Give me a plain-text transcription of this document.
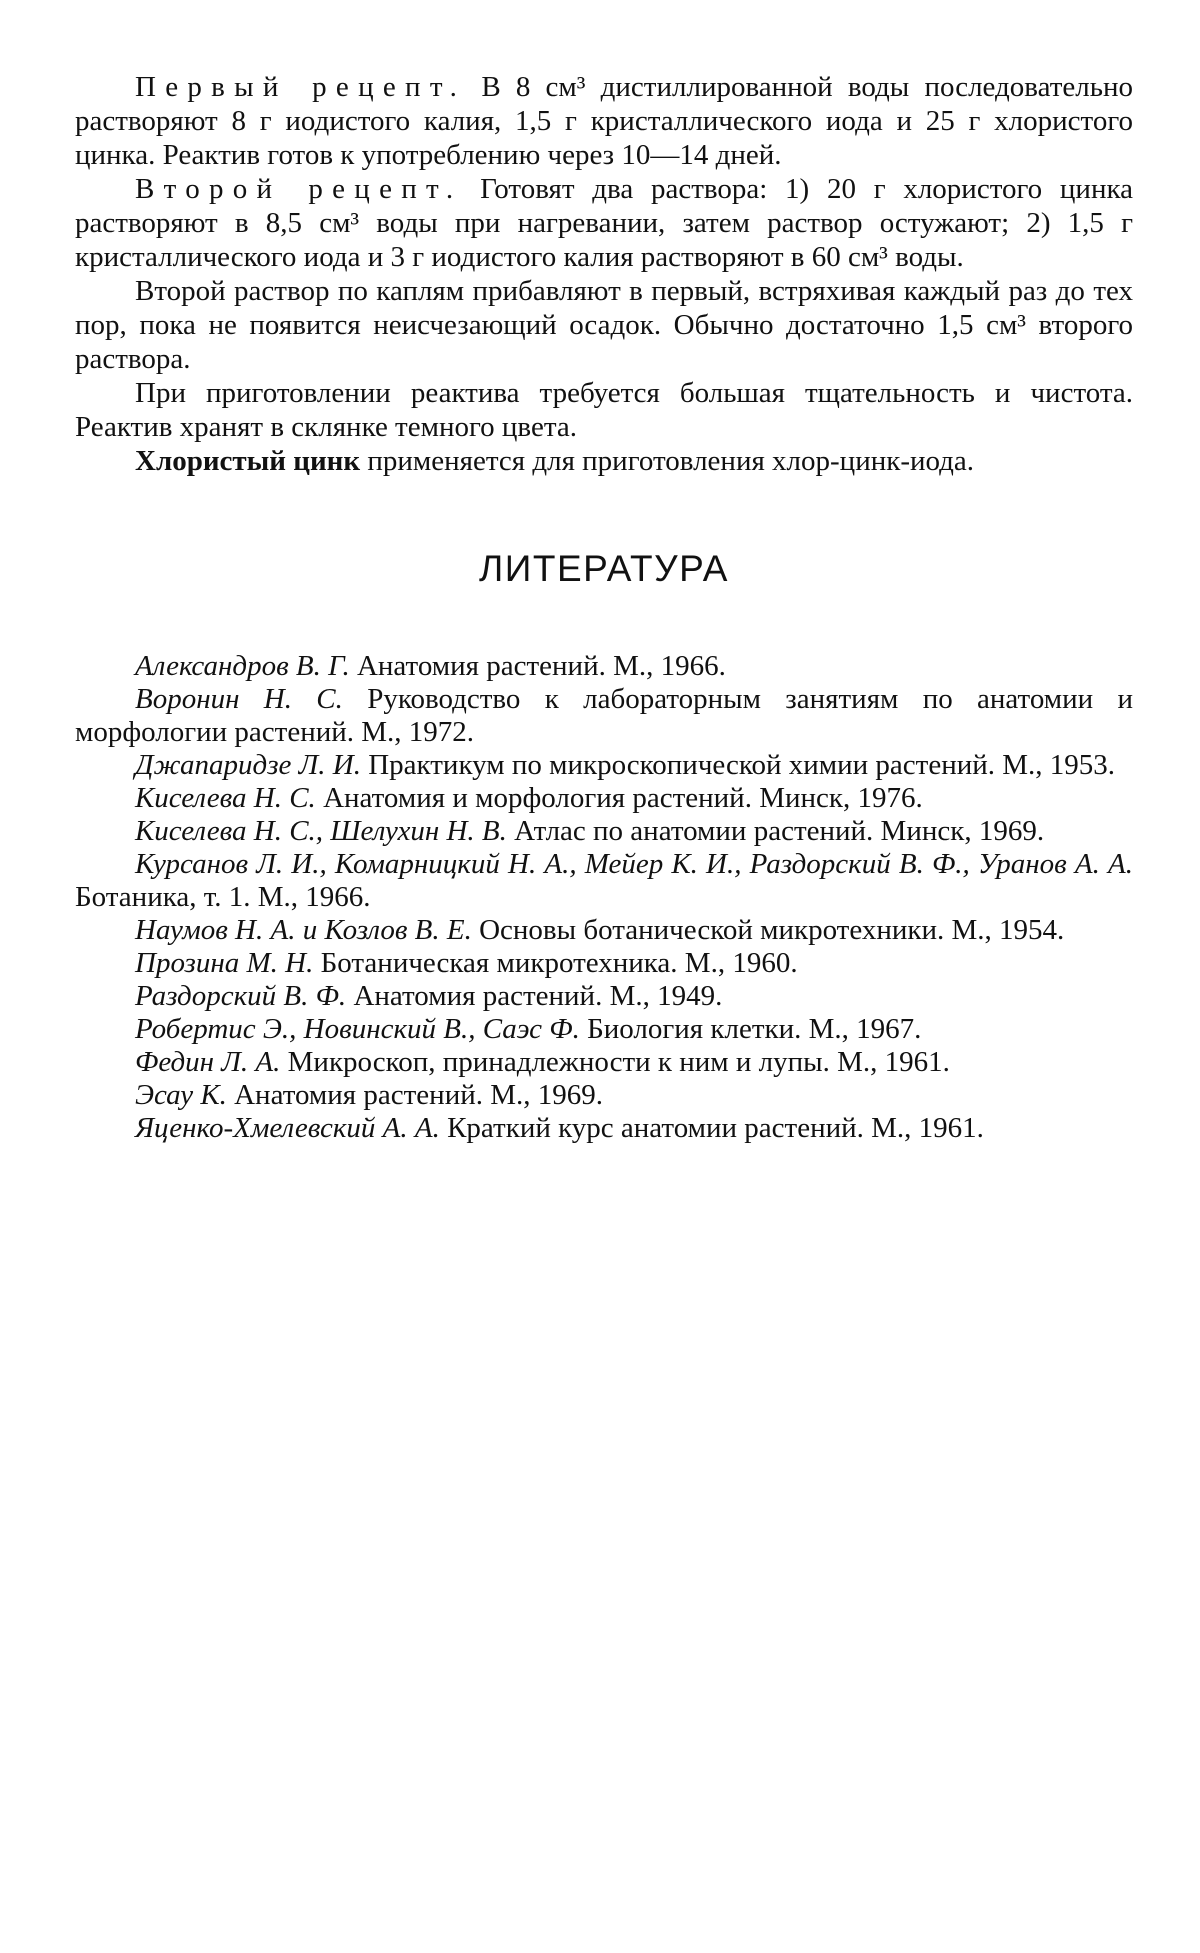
Первый рецепт. В 8 см³ дистиллированной воды последовательно растворяют 8 г иодистого калия, 1,5 г кристаллического иода и 25 г хлористого цинка. Реактив готов к употреблению через 10—14 дней.

Второй рецепт. Готовят два раствора: 1) 20 г хлористого цинка растворяют в 8,5 см³ воды при нагревании, затем раствор остужают; 2) 1,5 г кристаллического иода и 3 г иодистого калия растворяют в 60 см³ воды.

Второй раствор по каплям прибавляют в первый, встряхивая каждый раз до тех пор, пока не появится неисчезающий осадок. Обычно достаточно 1,5 см³ второго раствора.

При приготовлении реактива требуется большая тщательность и чистота. Реактив хранят в склянке темного цвета.

Хлористый цинк применяется для приготовления хлор-цинк-иода.

ЛИТЕРАТУРА

Александров В. Г. Анатомия растений. М., 1966.

Воронин Н. С. Руководство к лабораторным занятиям по анатомии и морфологии растений. М., 1972.

Джапаридзе Л. И. Практикум по микроскопической химии растений. М., 1953.

Киселева Н. С. Анатомия и морфология растений. Минск, 1976.

Киселева Н. С., Шелухин Н. В. Атлас по анатомии растений. Минск, 1969.

Курсанов Л. И., Комарницкий Н. А., Мейер К. И., Раздорский В. Ф., Уранов А. А. Ботаника, т. 1. М., 1966.

Наумов Н. А. и Козлов В. Е. Основы ботанической микротехники. М., 1954.

Прозина М. Н. Ботаническая микротехника. М., 1960.

Раздорский В. Ф. Анатомия растений. М., 1949.

Робертис Э., Новинский В., Саэс Ф. Биология клетки. М., 1967.

Федин Л. А. Микроскоп, принадлежности к ним и лупы. М., 1961.

Эсау К. Анатомия растений. М., 1969.

Яценко-Хмелевский А. А. Краткий курс анатомии растений. М., 1961.
